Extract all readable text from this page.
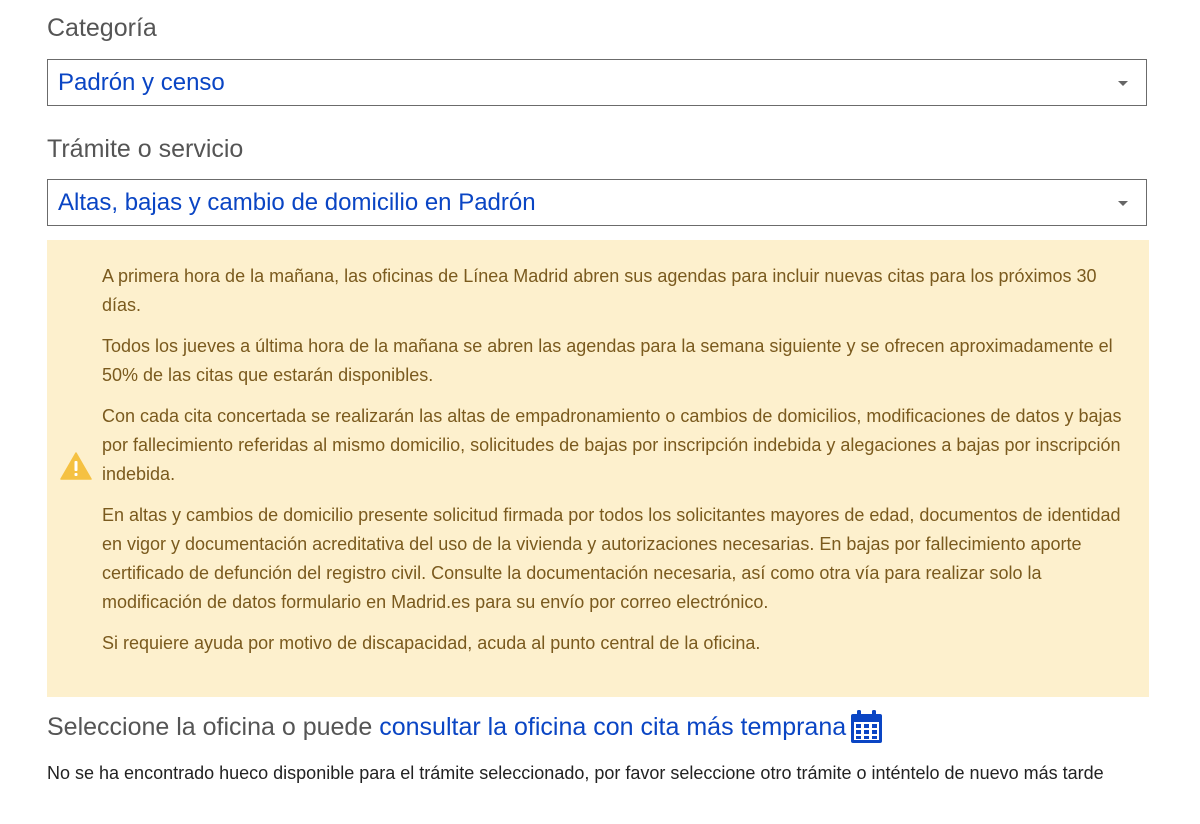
Categoría
Padrón y censo
Trámite o servicio
Altas, bajas y cambio de domicilio en Padrón

A primera hora de la mañana, las oficinas de Línea Madrid abren sus agendas para incluir nuevas citas para los próximos 30 días.

Todos los jueves a última hora de la mañana se abren las agendas para la semana siguiente y se ofrecen aproximadamente el 50% de las citas que estarán disponibles.

Con cada cita concertada se realizarán las altas de empadronamiento o cambios de domicilios, modificaciones de datos y bajas por fallecimiento referidas al mismo domicilio, solicitudes de bajas por inscripción indebida y alegaciones a bajas por inscripción indebida.

En altas y cambios de domicilio presente solicitud firmada por todos los solicitantes mayores de edad, documentos de identidad en vigor y documentación acreditativa del uso de la vivienda y autorizaciones necesarias. En bajas por fallecimiento aporte certificado de defunción del registro civil. Consulte la documentación necesaria, así como otra vía para realizar solo la modificación de datos formulario en Madrid.es para su envío por correo electrónico.

Si requiere ayuda por motivo de discapacidad, acuda al punto central de la oficina.

Seleccione la oficina o puede consultar la oficina con cita más temprana
No se ha encontrado hueco disponible para el trámite seleccionado, por favor seleccione otro trámite o inténtelo de nuevo más tarde
